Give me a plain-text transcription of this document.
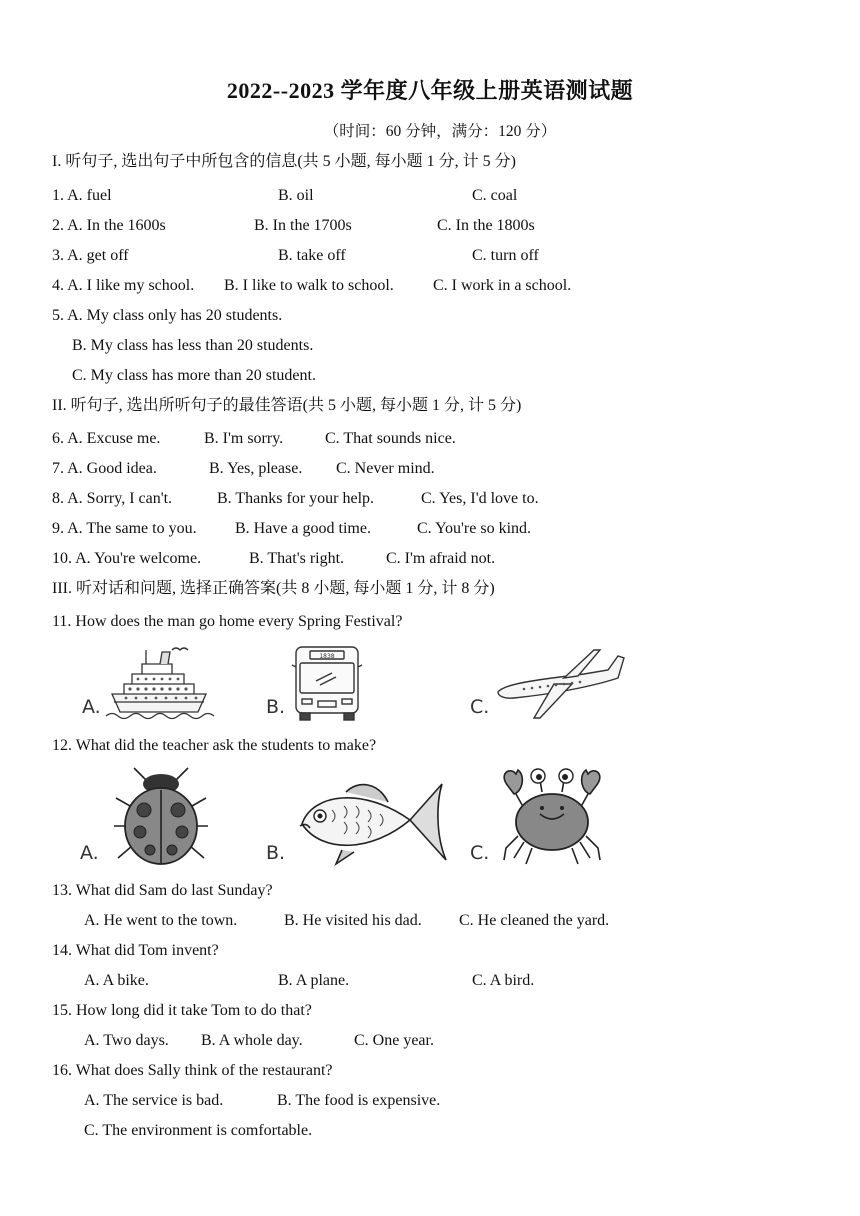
2022--2023 学年度八年级上册英语测试题
（时间：60 分钟，满分：120 分）
I. 听句子, 选出句子中所包含的信息(共 5 小题, 每小题 1 分, 计 5 分)
1. A. fuel	B. oil	C. coal
2. A. In the 1600s	B. In the 1700s	C. In the 1800s
3. A. get off	B. take off	C. turn off
4. A. I like my school. B. I like to walk to school. C. I work in a school.
5. A. My class only has 20 students.
B. My class has less than 20 students.
C. My class has more than 20 student.
II. 听句子, 选出所听句子的最佳答语(共 5 小题, 每小题 1 分, 计 5 分)
6. A. Excuse me.	B. I'm sorry.	C. That sounds nice.
7. A. Good idea.	B. Yes, please. C. Never mind.
8. A. Sorry, I can't.	B. Thanks for your help.	C. Yes, I'd love to.
9. A. The same to you. B. Have a good time.	C. You're so kind.
10. A. You're welcome.	B. That's right.	C. I'm afraid not.
III. 听对话和问题, 选择正确答案(共 8 小题, 每小题 1 分, 计 8 分)
11. How does the man go home every Spring Festival?
A.
1838
B.	C.
12. What did the teacher ask the students to make?
A.	B.	C.
13. What did Sam do last Sunday?
A. He went to the town.	B. He visited his dad. C. He cleaned the yard.
14. What did Tom invent?
A. A bike.	B. A plane.	C. A bird.
15. How long did it take Tom to do that?
A. Two days. B. A whole day.	C. One year.
16. What does Sally think of the restaurant?
A. The service is bad.	B. The food is expensive.
C. The environment is comfortable.
